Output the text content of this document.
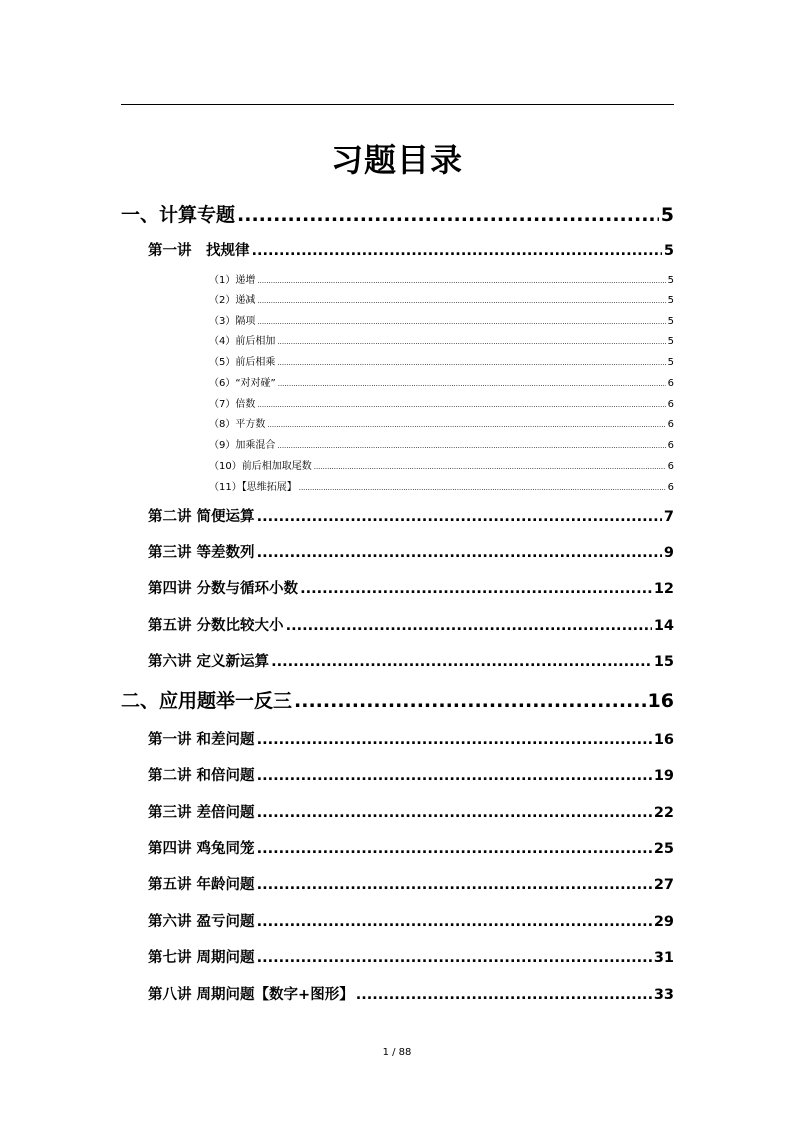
习题目录
一、计算专题 .....	5
第一讲　找规律 .....	5
（1）递增 .....	5
（2）递减 .....	5
（3）隔项 .....	5
（4）前后相加 .....	5
（5）前后相乘 .....	5
（6）“对对碰” .....	6
（7）倍数 .....	6
（8）平方数 .....	6
（9）加乘混合 .....	6
（10）前后相加取尾数 .....	6
（11）【思维拓展】 .....	6
第二讲 简便运算 .....	7
第三讲 等差数列 .....	9
第四讲 分数与循环小数 .....	12
第五讲 分数比较大小 .....	14
第六讲 定义新运算 .....	15
二、应用题举一反三 .....	16
第一讲 和差问题 .....	16
第二讲 和倍问题 .....	19
第三讲 差倍问题 .....	22
第四讲 鸡兔同笼 .....	25
第五讲 年龄问题 .....	27
第六讲 盈亏问题 .....	29
第七讲 周期问题 .....	31
第八讲 周期问题【数字+图形】 .....	33
1 / 88
